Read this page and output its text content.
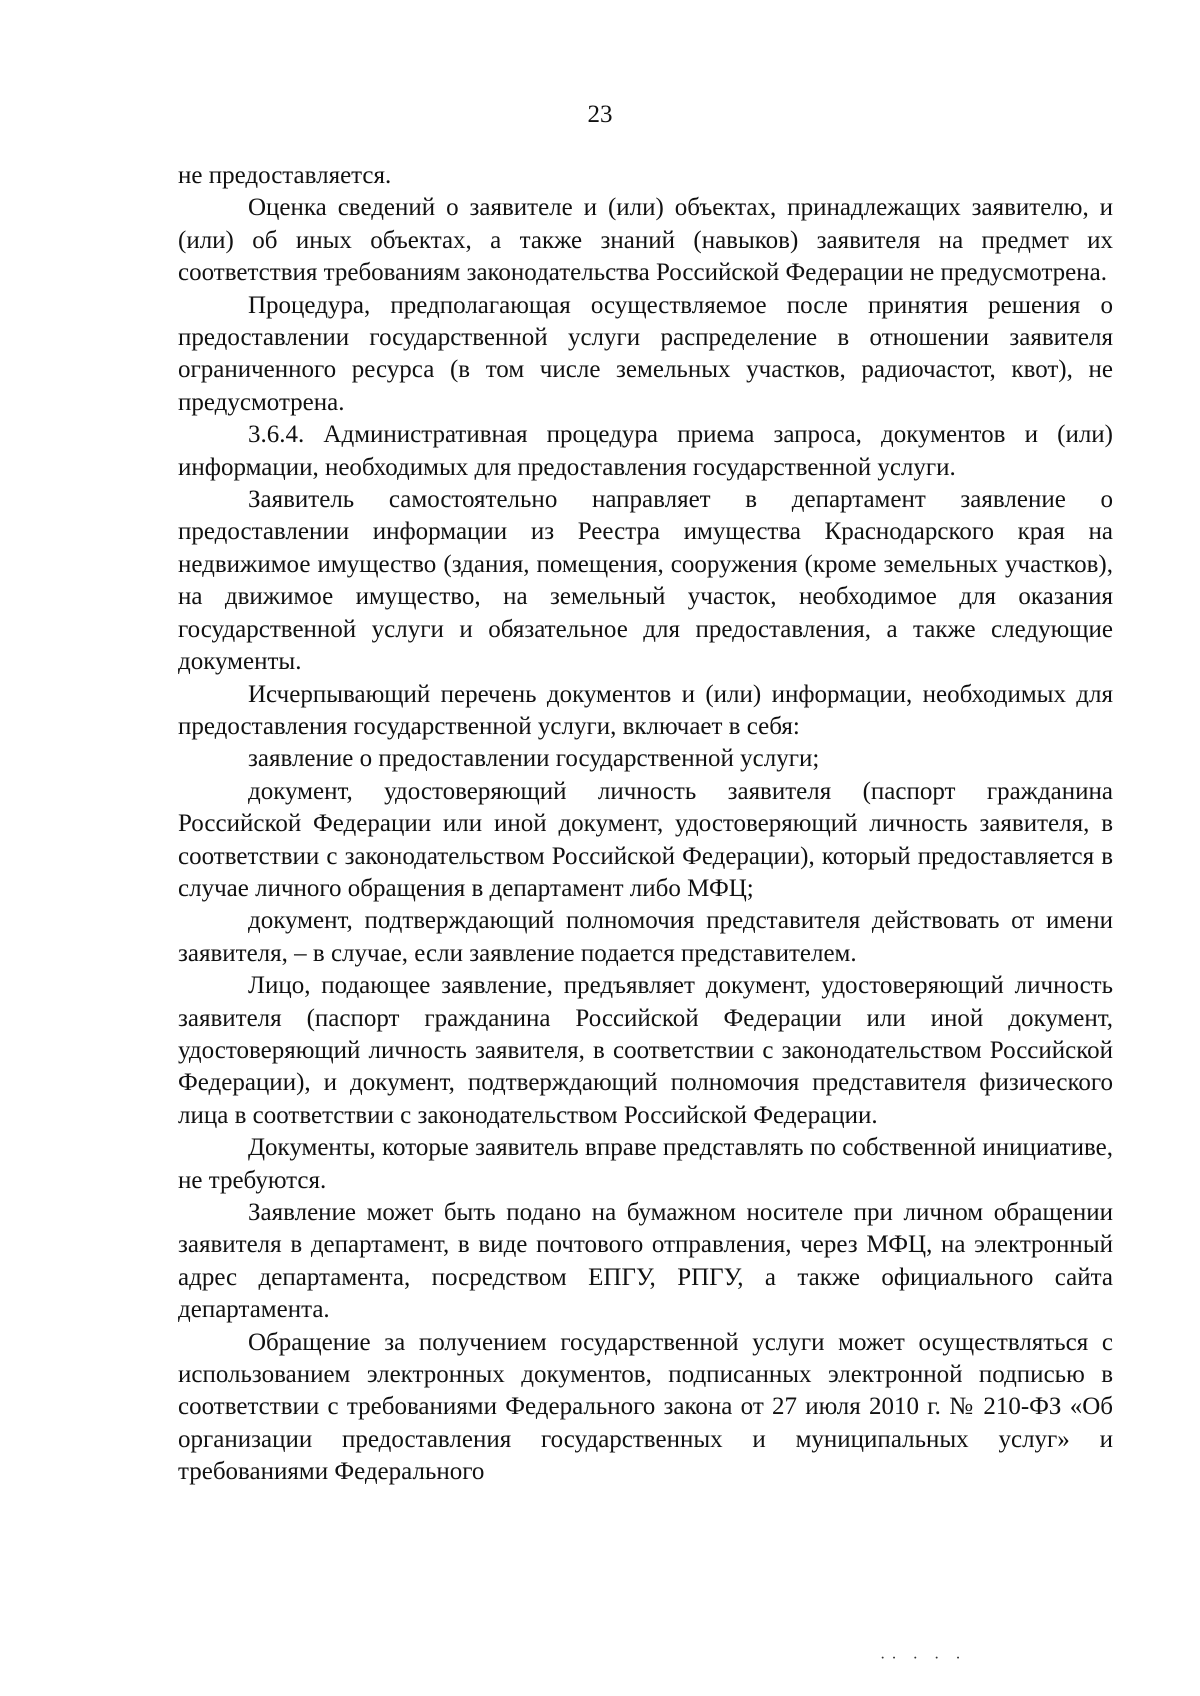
23

не предоставляется.

Оценка сведений о заявителе и (или) объектах, принадлежащих заявителю, и (или) об иных объектах, а также знаний (навыков) заявителя на предмет их соответствия требованиям законодательства Российской Федерации не предусмотрена.

Процедура, предполагающая осуществляемое после принятия решения о предоставлении государственной услуги распределение в отношении заявителя ограниченного ресурса (в том числе земельных участков, радиочастот, квот), не предусмотрена.

3.6.4. Административная процедура приема запроса, документов и (или) информации, необходимых для предоставления государственной услуги.

Заявитель самостоятельно направляет в департамент заявление о предоставлении информации из Реестра имущества Краснодарского края на недвижимое имущество (здания, помещения, сооружения (кроме земельных участков), на движимое имущество, на земельный участок, необходимое для оказания государственной услуги и обязательное для предоставления, а также следующие документы.

Исчерпывающий перечень документов и (или) информации, необходимых для предоставления государственной услуги, включает в себя:

заявление о предоставлении государственной услуги;

документ, удостоверяющий личность заявителя (паспорт гражданина Российской Федерации или иной документ, удостоверяющий личность заявителя, в соответствии с законодательством Российской Федерации), который предоставляется в случае личного обращения в департамент либо МФЦ;

документ, подтверждающий полномочия представителя действовать от имени заявителя, – в случае, если заявление подается представителем.

Лицо, подающее заявление, предъявляет документ, удостоверяющий личность заявителя (паспорт гражданина Российской Федерации или иной документ, удостоверяющий личность заявителя, в соответствии с законодательством Российской Федерации), и документ, подтверждающий полномочия представителя физического лица в соответствии с законодательством Российской Федерации.

Документы, которые заявитель вправе представлять по собственной инициативе, не требуются.

Заявление может быть подано на бумажном носителе при личном обращении заявителя в департамент, в виде почтового отправления, через МФЦ, на электронный адрес департамента, посредством ЕПГУ, РПГУ, а также официального сайта департамента.

Обращение за получением государственной услуги может осуществляться с использованием электронных документов, подписанных электронной подписью в соответствии с требованиями Федерального закона от 27 июля 2010 г. № 210-ФЗ «Об организации предоставления государственных и муниципальных услуг» и требованиями Федерального

·· · · ·
